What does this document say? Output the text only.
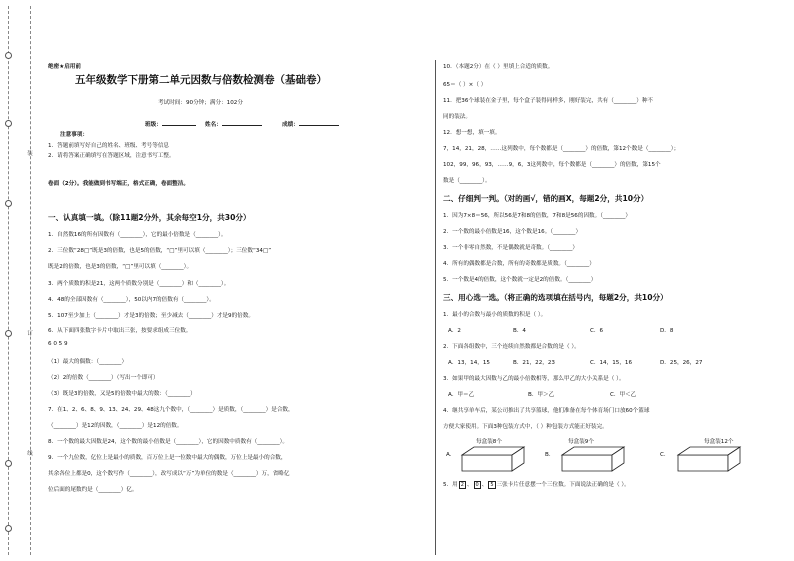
装
订
线
绝密★启用前
五年级数学下册第二单元因数与倍数检测卷（基础卷）
考试时间：90分钟；满分：102分
班级：	姓名：	成绩：
注意事项：
1．答题前填写好自己的姓名、班级、考号等信息
2．请将答案正确填写在答题区域，注意书写工整。
卷面（2分）。我能做到书写端正，格式正确，卷面整洁。
一、认真填一填。（除11题2分外，其余每空1分，共30分）
1．自然数16的所有因数有（________），它的最小倍数是（________）。
2．三位数“28□”既是3的倍数，也是5的倍数，“□”里可以填（________）；三位数“34□”
既是2的倍数，也是3的倍数，“□”里可以填（________）。
3．两个质数的积是21，这两个质数分别是（________）和（________）。
4．48的全部因数有（________），50以内7的倍数有（________）。
5．107至少加上（________）才是3的倍数；至少减去（________）才是9的倍数。
6．从下面四张数字卡片中取出三张，按要求组成三位数。
6 0 5 9
（1）最大的偶数：（________）
（2）2的倍数（________）（写出一个即可）
（3）既是3的倍数，又是5的倍数中最大的数：（________）
7．在1、2、6、8、9、13、24、29、48这九个数中，（________）是质数，（________）是合数，
（________）是12的因数，（________）是12的倍数。
8．一个数的最大因数是24，这个数的最小倍数是（________），它的因数中质数有（________）。
9．一个九位数，亿位上是最小的质数，百万位上是一位数中最大的偶数，万位上是最小的合数，
其余各位上都是0，这个数写作（________），改写成以“万”为单位的数是（________）万，省略亿
位后面的尾数约是（________）亿。
10．（本题2分）在（ ）里填上合适的质数。
65＝（ ）×（ ）
11．把36个球装在金子里，每个盒子装得同样多，刚好装完，共有（________）种不
同的装法。
12．想一想，填一填。
7，14，21，28，……这列数中，每个数都是（________）的倍数，第12个数是（________）；
102，99，96，93，……9，6，3这列数中，每个数都是（________）的倍数，第15个
数是（________）。
二、仔细判一判。（对的画√，错的画X，每题2分，共10分）
1．因为7×8＝56，所以56是7和8的倍数，7和8是56的因数。（________）
2．一个数的最小倍数是16，这个数是16。（________）
3．一个非零自然数，不是偶数就是奇数。（________）
4．所有的偶数都是合数，所有的奇数都是质数。（________）
5．一个数是4的倍数，这个数就一定是2的倍数。（________）
三、用心选一选。（将正确的选项填在括号内，每题2分，共10分）
1．最小的合数与最小的质数的积是（ ）。
A．2	B．4	C．6	D．8
2．下面各组数中，三个连续自然数都是合数的是（ ）。
A．13，14，15	B．21，22，23	C．14，15，16	D．25，26，27
3．如果甲的最大因数与乙的最小倍数相等，那么甲乙的大小关系是（ ）。
A．甲＝乙	B．甲＞乙	C．甲＜乙
4．继共享单车后，某公司推出了共享篮球，他们准备在每个体育场门口放60个篮球
方便大家使用。下面3种包装方式中，（ ）种包装方式能正好装完。
每盒装8个	每盒装9个	每盒装12个
A.	B.	C.
5．用 2 、 0 、 5 三张卡片任意摆一个三位数。下面说法正确的是（ ）。
